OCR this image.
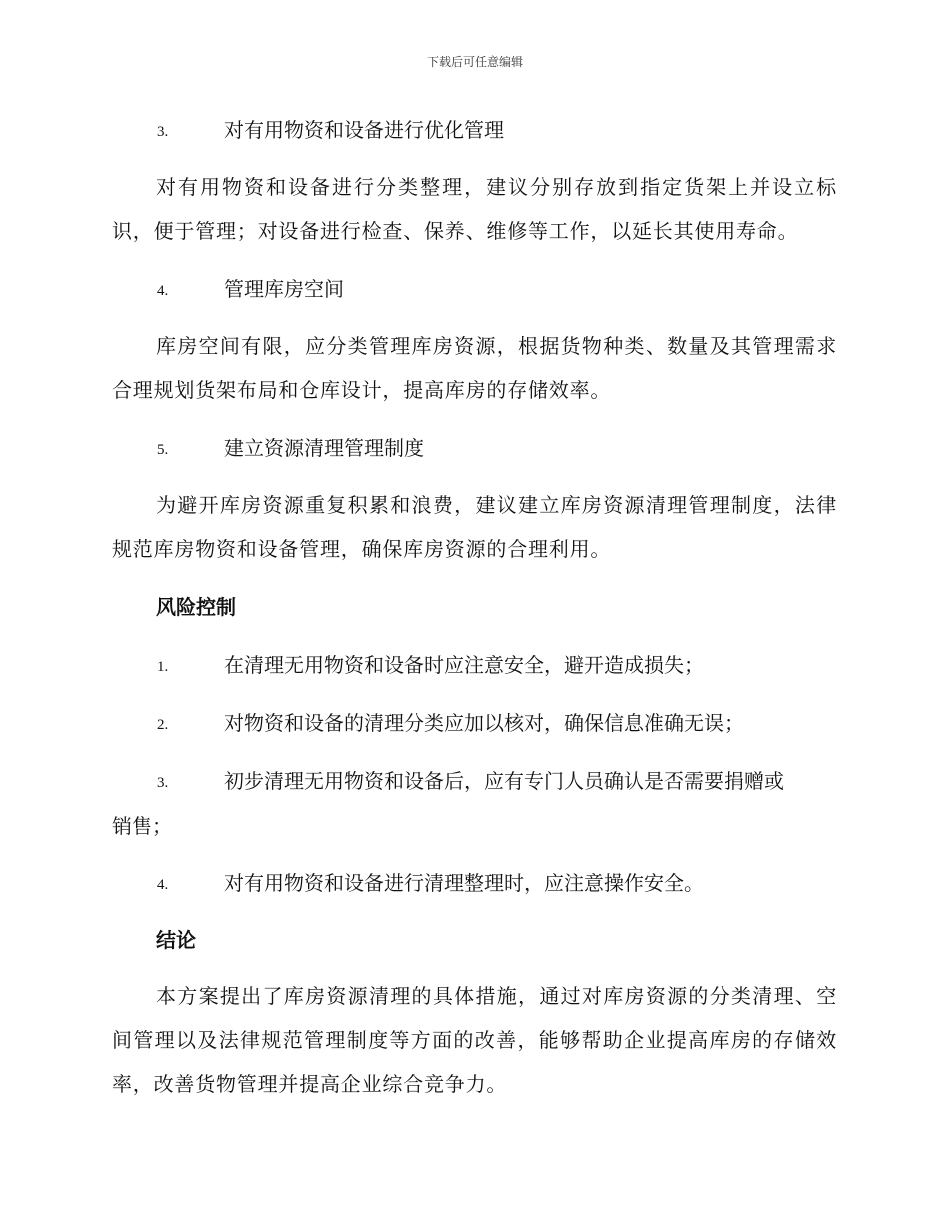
下载后可任意编辑
3.	对有用物资和设备进行优化管理
对有用物资和设备进行分类整理，建议分别存放到指定货架上并设立标识，便于管理；对设备进行检查、保养、维修等工作，以延长其使用寿命。
4.	管理库房空间
库房空间有限，应分类管理库房资源，根据货物种类、数量及其管理需求合理规划货架布局和仓库设计，提高库房的存储效率。
5.	建立资源清理管理制度
为避开库房资源重复积累和浪费，建议建立库房资源清理管理制度，法律规范库房物资和设备管理，确保库房资源的合理利用。
风险控制
1.	在清理无用物资和设备时应注意安全，避开造成损失；
2.	对物资和设备的清理分类应加以核对，确保信息准确无误；
3.	初步清理无用物资和设备后，应有专门人员确认是否需要捐赠或
销售；
4.	对有用物资和设备进行清理整理时，应注意操作安全。
结论
本方案提出了库房资源清理的具体措施，通过对库房资源的分类清理、空间管理以及法律规范管理制度等方面的改善，能够帮助企业提高库房的存储效率，改善货物管理并提高企业综合竞争力。
